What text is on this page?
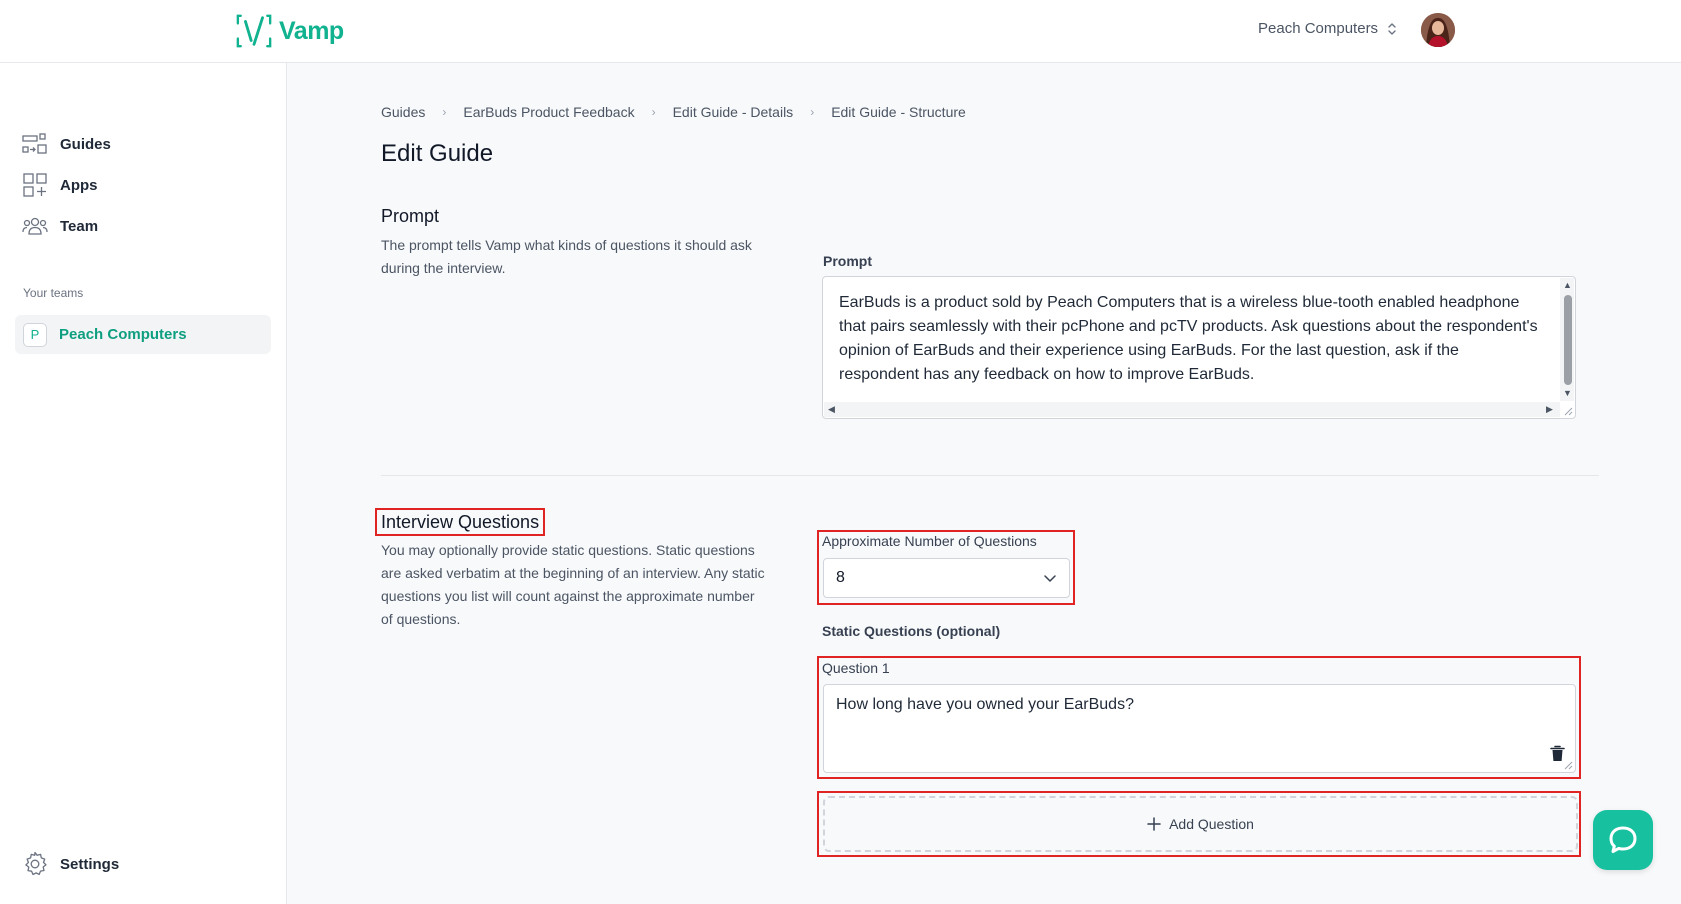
Vamp	Peach Computers
Guides
Apps
Team
Your teams
P	Peach Computers
Settings
Guides › EarBuds Product Feedback › Edit Guide - Details › Edit Guide - Structure
Edit Guide
Prompt
The prompt tells Vamp what kinds of questions it should ask during the interview.	Prompt
EarBuds is a product sold by Peach Computers that is a wireless blue-tooth enabled headphone that pairs seamlessly with their pcPhone and pcTV products. Ask questions about the respondent's opinion of EarBuds and their experience using EarBuds. For the last question, ask if the respondent has any feedback on how to improve EarBuds.
▲
▼
◀	▶
Interview Questions
You may optionally provide static questions. Static questions are asked verbatim at the beginning of an interview. Any static questions you list will count against the approximate number of questions.
Approximate Number of Questions
8
Static Questions (optional)
Question 1
How long have you owned your EarBuds?
Add Question
